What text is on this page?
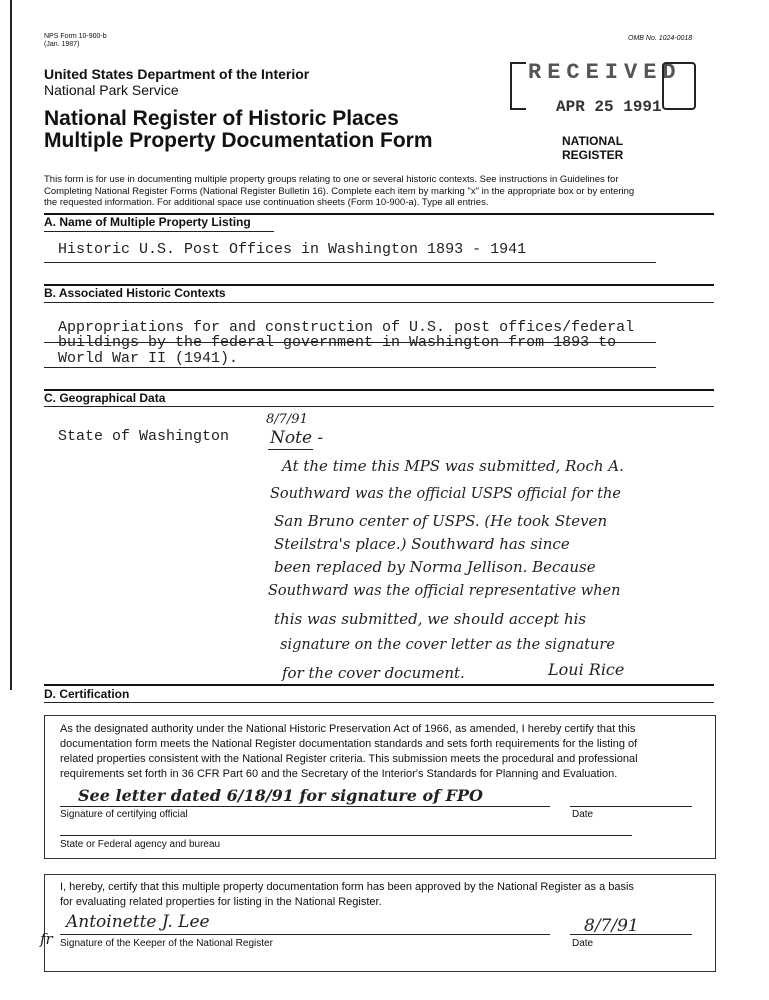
NPS Form 10-900-b
(Jan. 1987)
OMB No. 1024-0018
United States Department of the Interior
National Park Service
National Register of Historic Places
Multiple Property Documentation Form
RECEIVED
APR 25 1991
NATIONAL
REGISTER
This form is for use in documenting multiple property groups relating to one or several historic contexts. See instructions in Guidelines for
Completing National Register Forms (National Register Bulletin 16). Complete each item by marking "x" in the appropriate box or by entering
the requested information. For additional space use continuation sheets (Form 10-900-a). Type all entries.
A. Name of Multiple Property Listing
Historic U.S. Post Offices in Washington 1893 - 1941
B. Associated Historic Contexts
Appropriations for and construction of U.S. post offices/federal
buildings by the federal government in Washington from 1893 to
World War II (1941).
C. Geographical Data
State of Washington
8/7/91
Note -
At the time this MPS was submitted, Roch A.
Southward was the official USPS official for the
San Bruno center of USPS. (He took Steven
Steilstra's place.) Southward has since
been replaced by Norma Jellison. Because
Southward was the official representative when
this was submitted, we should accept his
signature on the cover letter as the signature
for the cover document.	Loui Rice
D. Certification
As the designated authority under the National Historic Preservation Act of 1966, as amended, I hereby certify that this
documentation form meets the National Register documentation standards and sets forth requirements for the listing of
related properties consistent with the National Register criteria. This submission meets the procedural and professional
requirements set forth in 36 CFR Part 60 and the Secretary of the Interior's Standards for Planning and Evaluation.
See letter dated 6/18/91 for signature of FPO
Signature of certifying official	Date
State or Federal agency and bureau
I, hereby, certify that this multiple property documentation form has been approved by the National Register as a basis
for evaluating related properties for listing in the National Register.
fr
Antoinette J. Lee	8/7/91
Signature of the Keeper of the National Register	Date
